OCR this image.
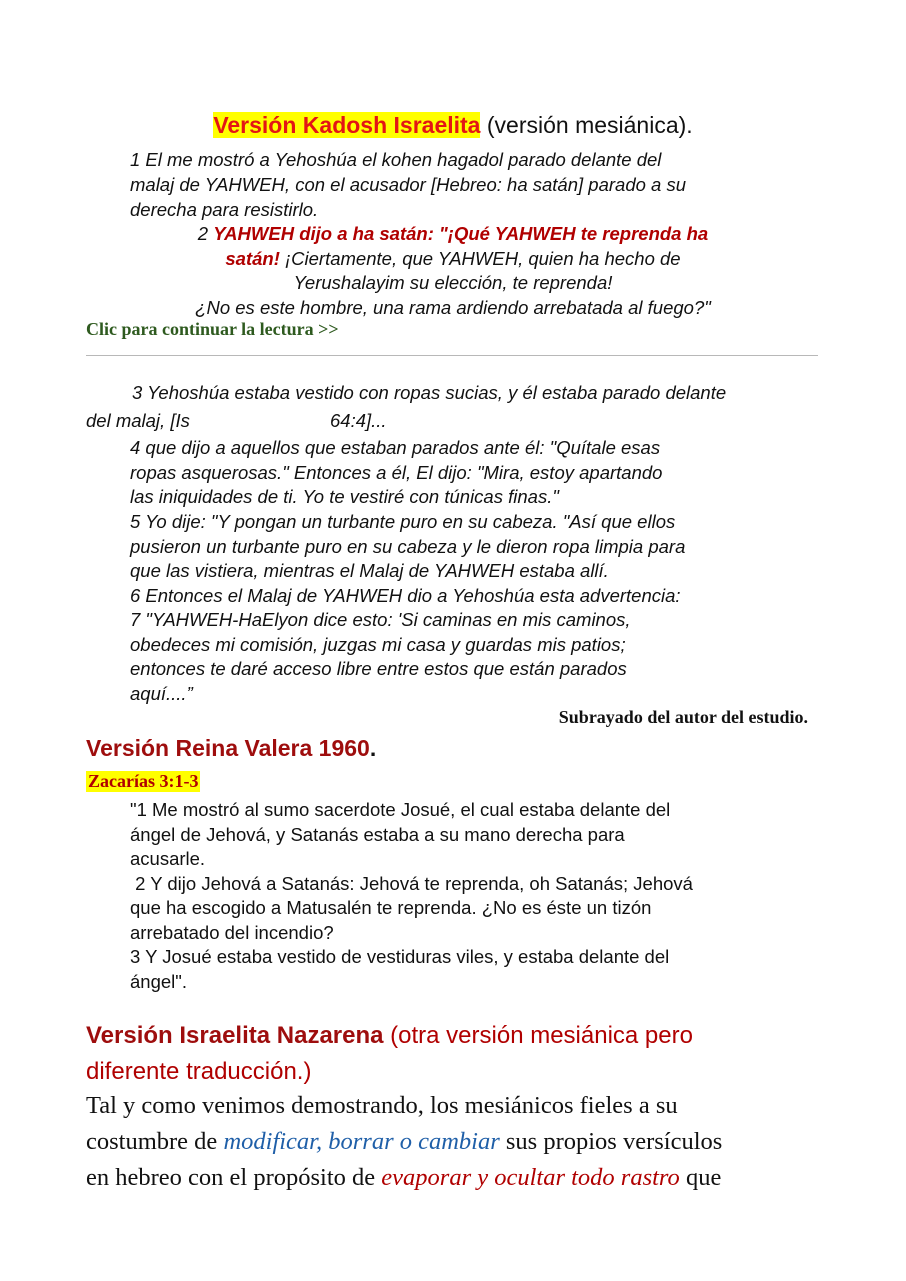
Versión Kadosh Israelita (versión mesiánica).
1 El me mostró a Yehoshúa el kohen hagadol parado delante del
malaj de YAHWEH, con el acusador [Hebreo: ha satán] parado a su
derecha para resistirlo.
2 YAHWEH dijo a ha satán: "¡Qué YAHWEH te reprenda ha
satán! ¡Ciertamente, que YAHWEH, quien ha hecho de
Yerushalayim su elección, te reprenda!
¿No es este hombre, una rama ardiendo arrebatada al fuego?"
Clic para continuar la lectura >>
3 Yehoshúa estaba vestido con ropas sucias, y él estaba parado delante
del malaj, [Is	64:4]...
4 que dijo a aquellos que estaban parados ante él: "Quítale esas
ropas asquerosas." Entonces a él, El dijo: "Mira, estoy apartando
las iniquidades de ti. Yo te vestiré con túnicas finas."
5 Yo dije: "Y pongan un turbante puro en su cabeza. "Así que ellos
pusieron un turbante puro en su cabeza y le dieron ropa limpia para
que las vistiera, mientras el Malaj de YAHWEH estaba allí.
6 Entonces el Malaj de YAHWEH dio a Yehoshúa esta advertencia:
7 "YAHWEH-HaElyon dice esto: 'Si caminas en mis caminos,
obedeces mi comisión, juzgas mi casa y guardas mis patios;
entonces te daré acceso libre entre estos que están parados
aquí....”
Subrayado del autor del estudio.
Versión Reina Valera 1960.
Zacarías 3:1-3
"1 Me mostró al sumo sacerdote Josué, el cual estaba delante del
ángel de Jehová, y Satanás estaba a su mano derecha para
acusarle.
2 Y dijo Jehová a Satanás: Jehová te reprenda, oh Satanás; Jehová
que ha escogido a Matusalén te reprenda. ¿No es éste un tizón
arrebatado del incendio?
3 Y Josué estaba vestido de vestiduras viles, y estaba delante del
ángel".
Versión Israelita Nazarena (otra versión mesiánica pero
diferente traducción.)
Tal y como venimos demostrando, los mesiánicos fieles a su
costumbre de modificar, borrar o cambiar sus propios versículos
en hebreo con el propósito de evaporar y ocultar todo rastro que
